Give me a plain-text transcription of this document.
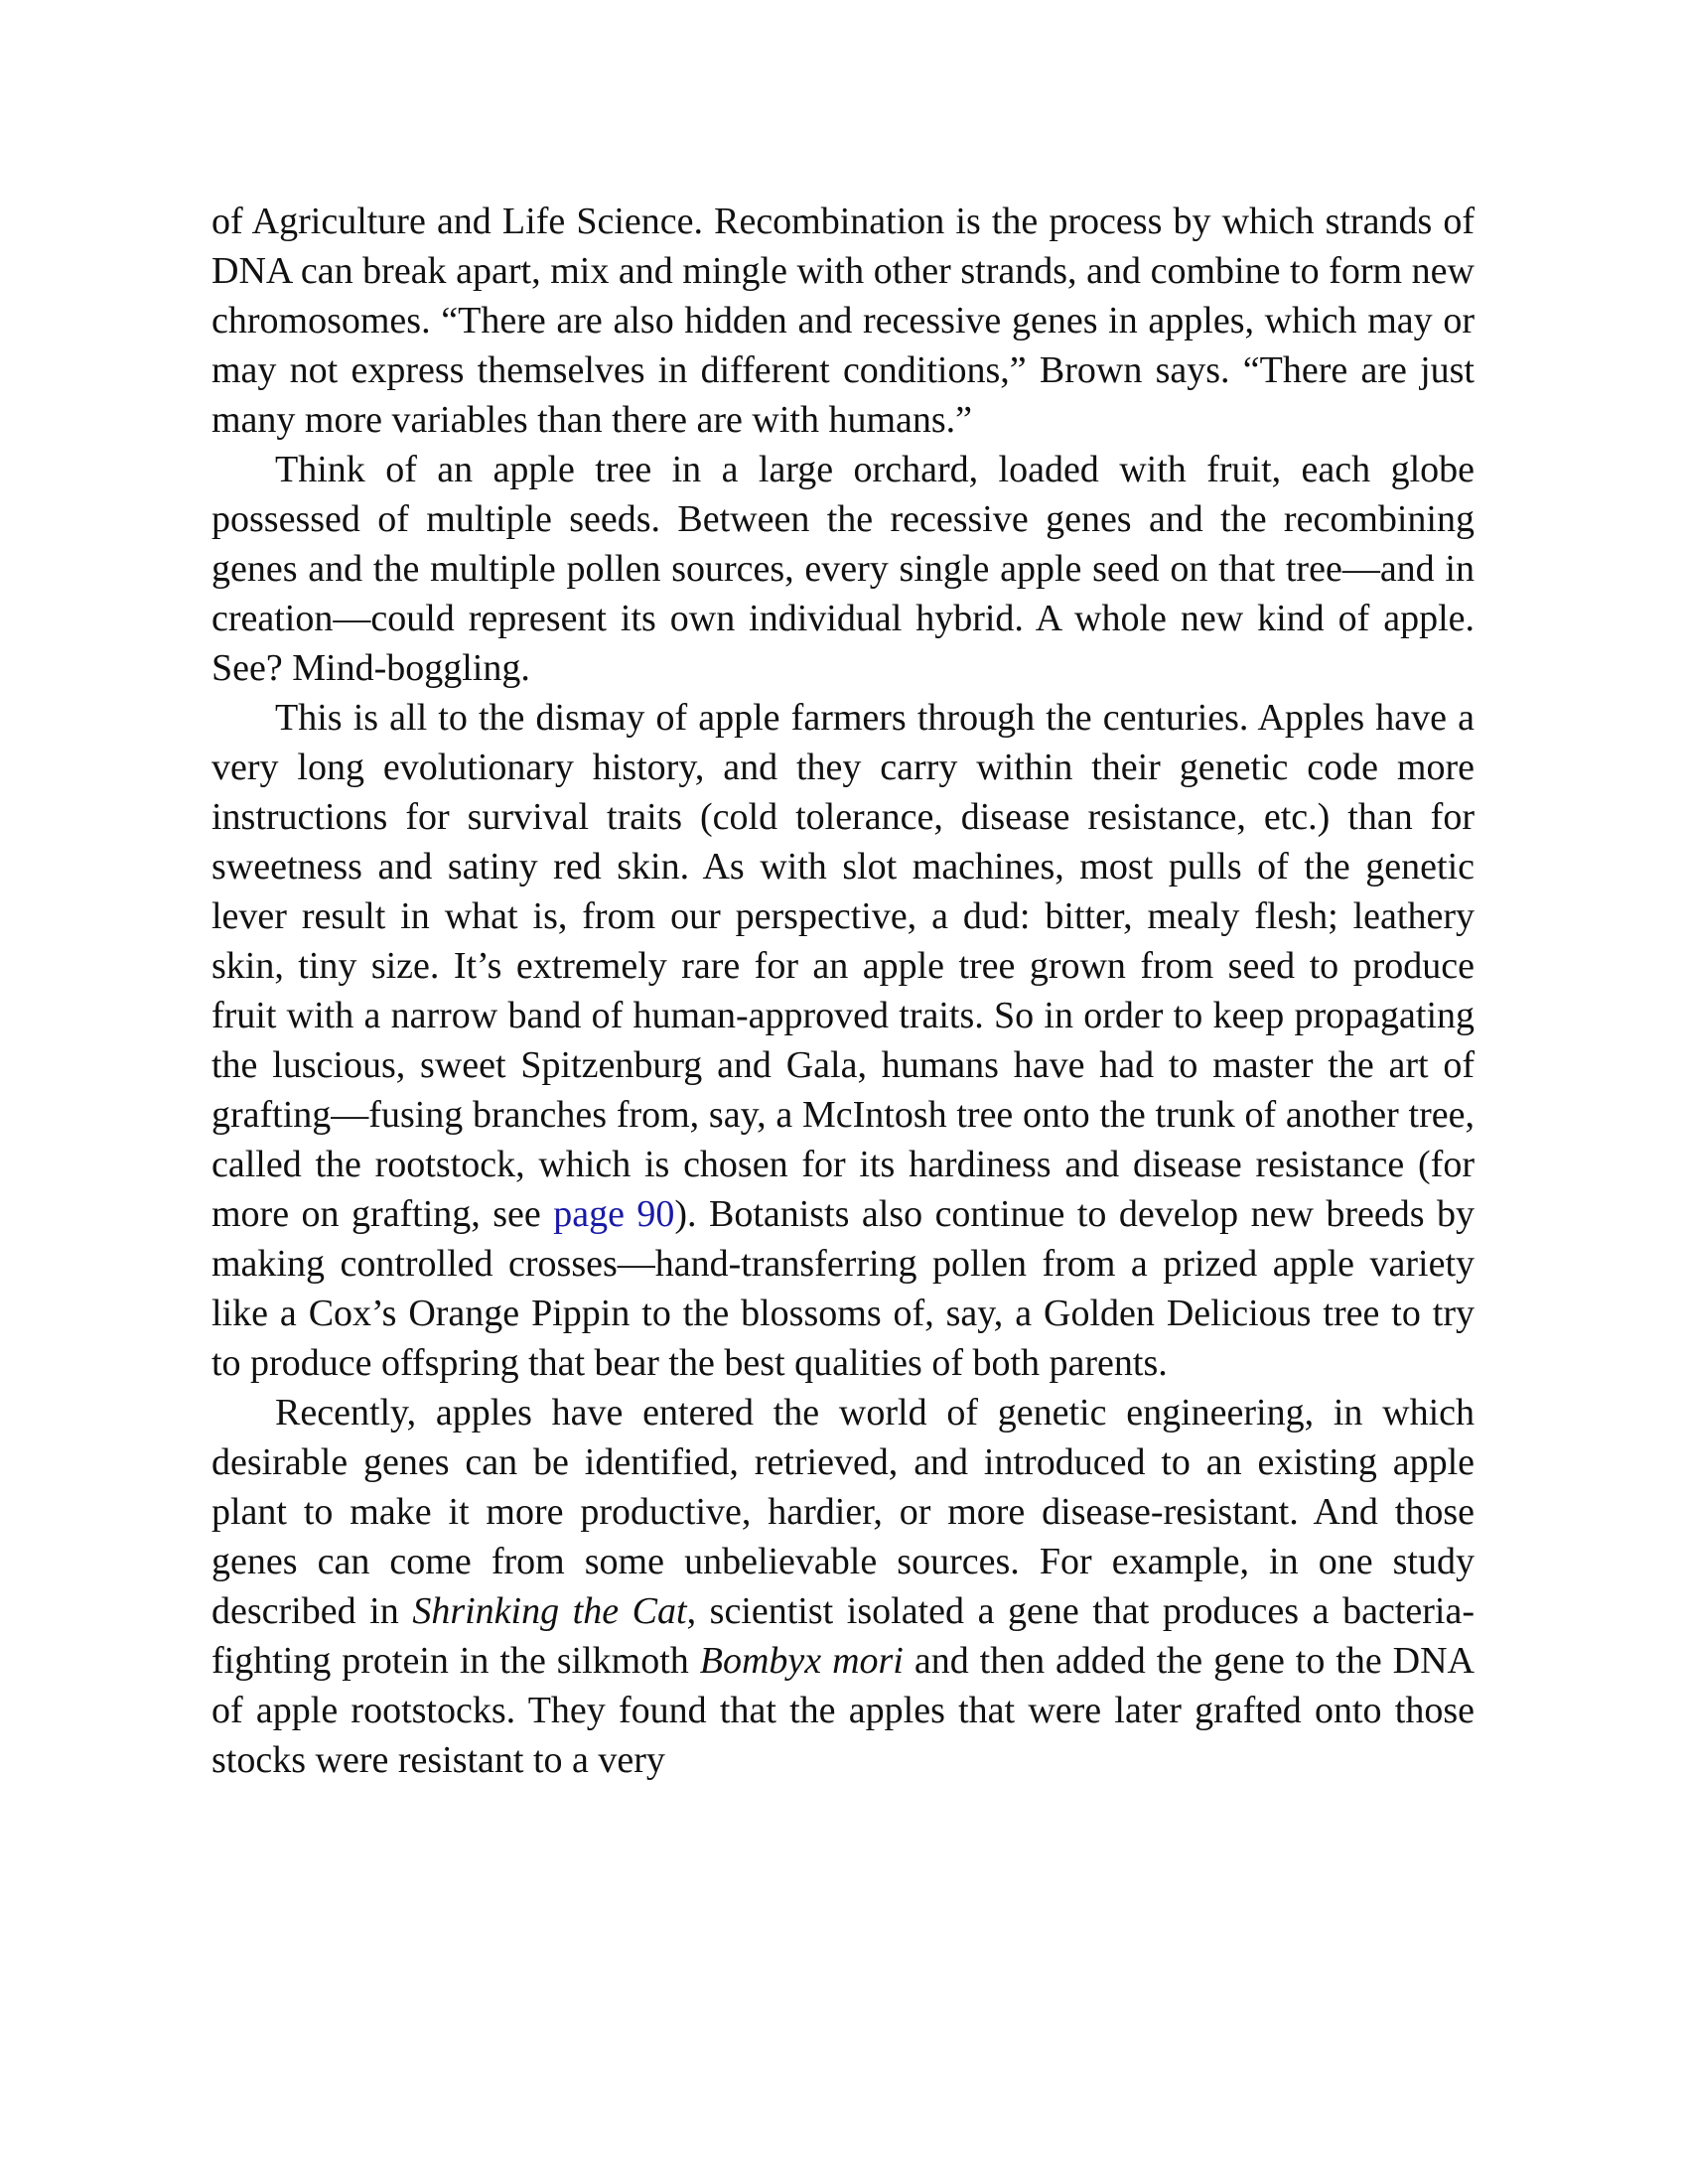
of Agriculture and Life Science. Recombination is the process by which strands of DNA can break apart, mix and mingle with other strands, and combine to form new chromosomes. “There are also hidden and recessive genes in apples, which may or may not express themselves in different conditions,” Brown says. “There are just many more variables than there are with humans.”

Think of an apple tree in a large orchard, loaded with fruit, each globe possessed of multiple seeds. Between the recessive genes and the recombining genes and the multiple pollen sources, every single apple seed on that tree—and in creation—could represent its own individual hybrid. A whole new kind of apple. See? Mind-boggling.

This is all to the dismay of apple farmers through the centuries. Apples have a very long evolutionary history, and they carry within their genetic code more instructions for survival traits (cold tolerance, disease resistance, etc.) than for sweetness and satiny red skin. As with slot machines, most pulls of the genetic lever result in what is, from our perspective, a dud: bitter, mealy flesh; leathery skin, tiny size. It’s extremely rare for an apple tree grown from seed to produce fruit with a narrow band of human-approved traits. So in order to keep propagating the luscious, sweet Spitzenburg and Gala, humans have had to master the art of grafting—fusing branches from, say, a McIntosh tree onto the trunk of another tree, called the rootstock, which is chosen for its hardiness and disease resistance (for more on grafting, see page 90). Botanists also continue to develop new breeds by making controlled crosses—hand-transferring pollen from a prized apple variety like a Cox’s Orange Pippin to the blossoms of, say, a Golden Delicious tree to try to produce offspring that bear the best qualities of both parents.

Recently, apples have entered the world of genetic engineering, in which desirable genes can be identified, retrieved, and introduced to an existing apple plant to make it more productive, hardier, or more disease-resistant. And those genes can come from some unbelievable sources. For example, in one study described in Shrinking the Cat, scientist isolated a gene that produces a bacteria-fighting protein in the silkmoth Bombyx mori and then added the gene to the DNA of apple rootstocks. They found that the apples that were later grafted onto those stocks were resistant to a very
